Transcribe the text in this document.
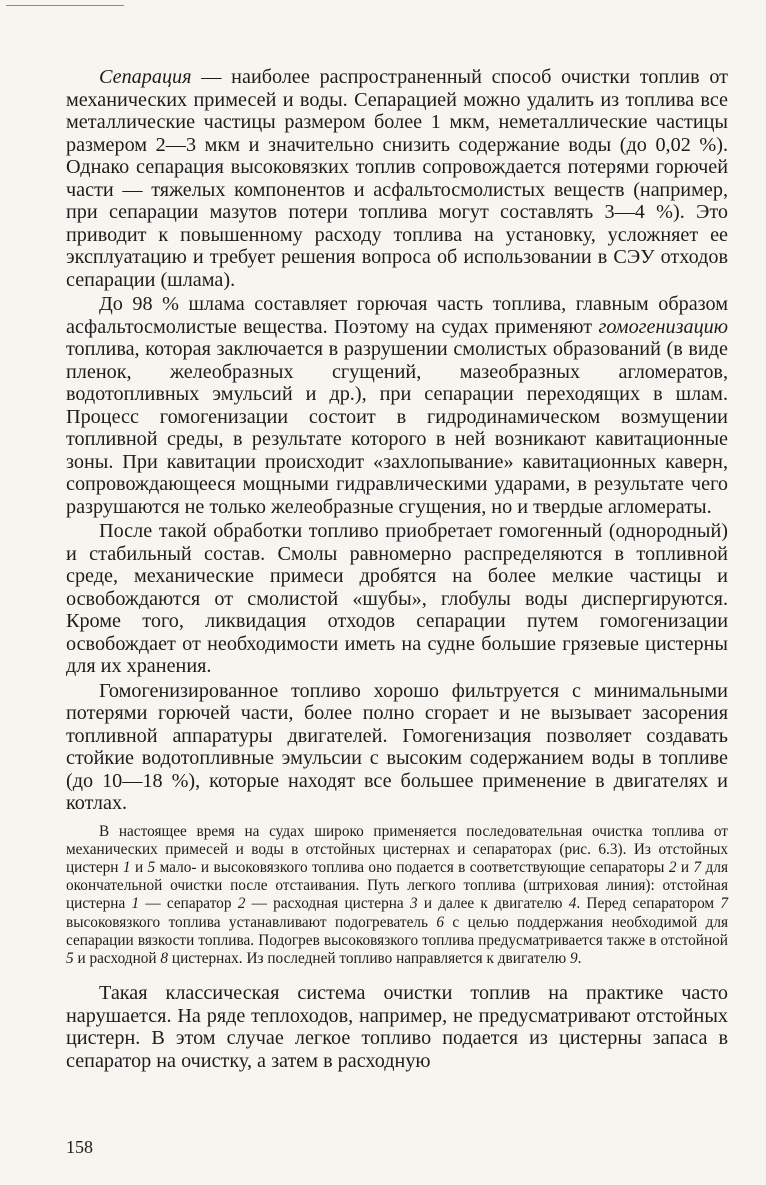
Сепарация — наиболее распространенный способ очистки топлив от механических примесей и воды. Сепарацией можно удалить из топлива все металлические частицы размером более 1 мкм, неметаллические частицы размером 2—3 мкм и значительно снизить содержание воды (до 0,02 %). Однако сепарация высоковязких топлив сопровождается потерями горючей части — тяжелых компонентов и асфальтосмолистых веществ (например, при сепарации мазутов потери топлива могут составлять 3—4 %). Это приводит к повышенному расходу топлива на установку, усложняет ее эксплуатацию и требует решения вопроса об использовании в СЭУ отходов сепарации (шлама).

До 98 % шлама составляет горючая часть топлива, главным образом асфальтосмолистые вещества. Поэтому на судах применяют гомогенизацию топлива, которая заключается в разрушении смолистых образований (в виде пленок, желеобразных сгущений, мазеобразных агломератов, водотопливных эмульсий и др.), при сепарации переходящих в шлам. Процесс гомогенизации состоит в гидродинамическом возмущении топливной среды, в результате которого в ней возникают кавитационные зоны. При кавитации происходит «захлопывание» кавитационных каверн, сопровождающееся мощными гидравлическими ударами, в результате чего разрушаются не только желеобразные сгущения, но и твердые агломераты.

После такой обработки топливо приобретает гомогенный (однородный) и стабильный состав. Смолы равномерно распределяются в топливной среде, механические примеси дробятся на более мелкие частицы и освобождаются от смолистой «шубы», глобулы воды диспергируются. Кроме того, ликвидация отходов сепарации путем гомогенизации освобождает от необходимости иметь на судне большие грязевые цистерны для их хранения.

Гомогенизированное топливо хорошо фильтруется с минимальными потерями горючей части, более полно сгорает и не вызывает засорения топливной аппаратуры двигателей. Гомогенизация позволяет создавать стойкие водотопливные эмульсии с высоким содержанием воды в топливе (до 10—18 %), которые находят все большее применение в двигателях и котлах.

В настоящее время на судах широко применяется последовательная очистка топлива от механических примесей и воды в отстойных цистернах и сепараторах (рис. 6.3). Из отстойных цистерн 1 и 5 мало- и высоковязкого топлива оно подается в соответствующие сепараторы 2 и 7 для окончательной очистки после отстаивания. Путь легкого топлива (штриховая линия): отстойная цистерна 1 — сепаратор 2 — расходная цистерна 3 и далее к двигателю 4. Перед сепаратором 7 высоковязкого топлива устанавливают подогреватель 6 с целью поддержания необходимой для сепарации вязкости топлива. Подогрев высоковязкого топлива предусматривается также в отстойной 5 и расходной 8 цистернах. Из последней топливо направляется к двигателю 9.

Такая классическая система очистки топлив на практике часто нарушается. На ряде теплоходов, например, не предусматривают отстойных цистерн. В этом случае легкое топливо подается из цистерны запаса в сепаратор на очистку, а затем в расходную

158
